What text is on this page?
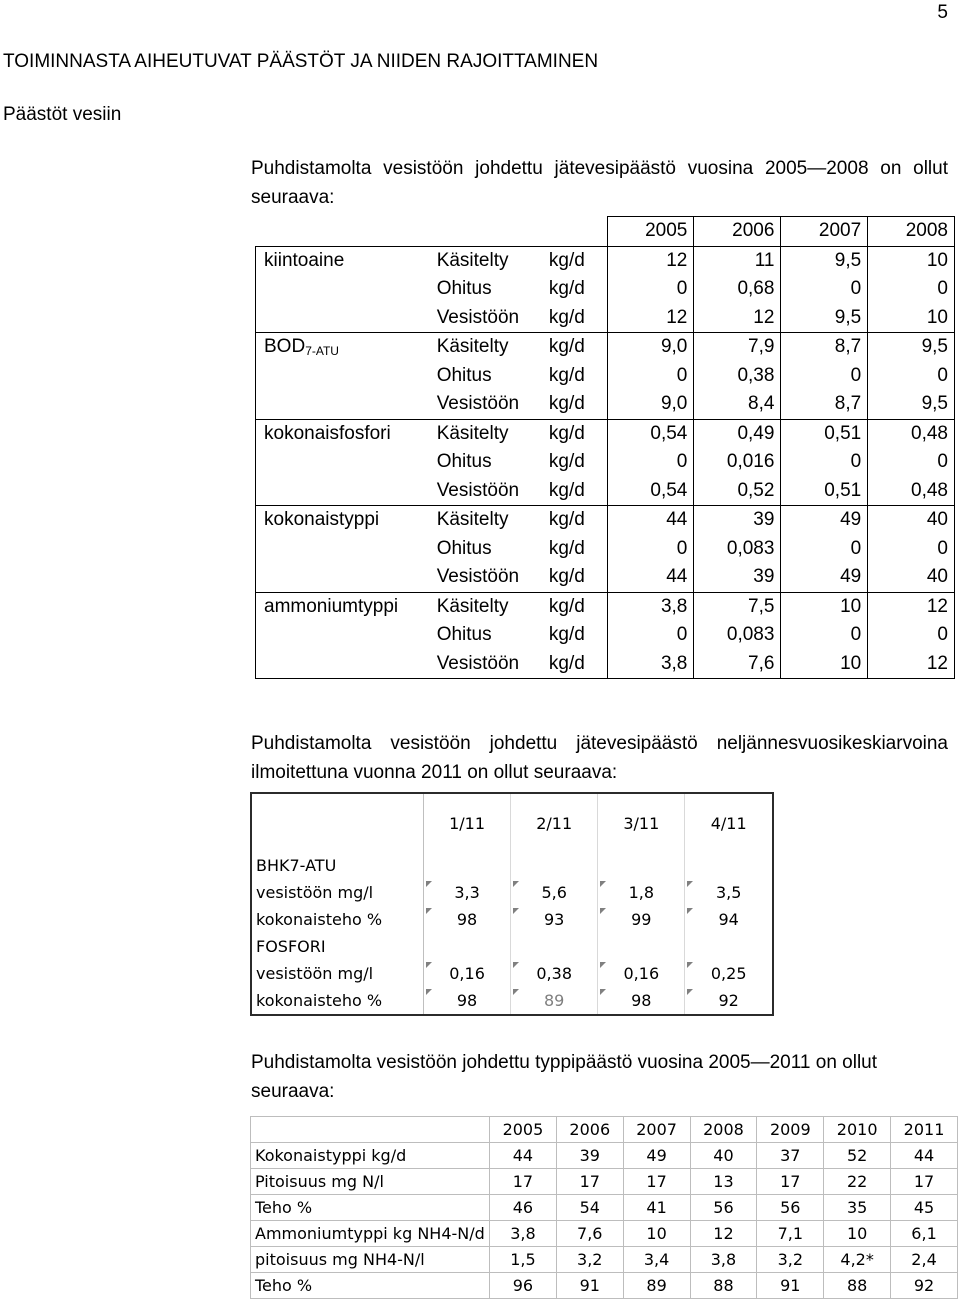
5
TOIMINNASTA AIHEUTUVAT PÄÄSTÖT JA NIIDEN RAJOITTAMINEN
Päästöt vesiin
Puhdistamolta vesistöön johdettu jätevesipäästö vuosina 2005—2008 on ollut seuraava:
			2005	2006	2007	2008
kiintoaine	Käsitelty	kg/d	12	11	9,5	10
	Ohitus	kg/d	0	0,68	0	0
	Vesistöön	kg/d	12	12	9,5	10
$BOD_{7-ATU}$	Käsitelty	kg/d	9,0	7,9	8,7	9,5
	Ohitus	kg/d	0	0,38	0	0
	Vesistöön	kg/d	9,0	8,4	8,7	9,5
kokonaisfosfori	Käsitelty	kg/d	0,54	0,49	0,51	0,48
	Ohitus	kg/d	0	0,016	0	0
	Vesistöön	kg/d	0,54	0,52	0,51	0,48
kokonaistyppi	Käsitelty	kg/d	44	39	49	40
	Ohitus	kg/d	0	0,083	0	0
	Vesistöön	kg/d	44	39	49	40
ammoniumtyppi	Käsitelty	kg/d	3,8	7,5	10	12
	Ohitus	kg/d	0	0,083	0	0
	Vesistöön	kg/d	3,8	7,6	10	12
Puhdistamolta vesistöön johdettu jätevesipäästö neljännesvuosikeskiarvoina ilmoitettuna vuonna 2011 on ollut seuraava:
	1/11	2/11	3/11	4/11
BHK7-ATU				
vesistöön mg/l	3,3	5,6	1,8	3,5
kokonaisteho %	98	93	99	94
FOSFORI				
vesistöön mg/l	0,16	0,38	0,16	0,25
kokonaisteho %	98	89	98	92
Puhdistamolta vesistöön johdettu typpipäästö vuosina 2005—2011 on ollut seuraava:
	2005	2006	2007	2008	2009	2010	2011
Kokonaistyppi kg/d	44	39	49	40	37	52	44
Pitoisuus mg N/l	17	17	17	13	17	22	17
Teho %	46	54	41	56	56	35	45
Ammoniumtyppi kg NH4-N/d	3,8	7,6	10	12	7,1	10	6,1
pitoisuus mg NH4-N/l	1,5	3,2	3,4	3,8	3,2	4,2*	2,4
Teho %	96	91	89	88	91	88	92
